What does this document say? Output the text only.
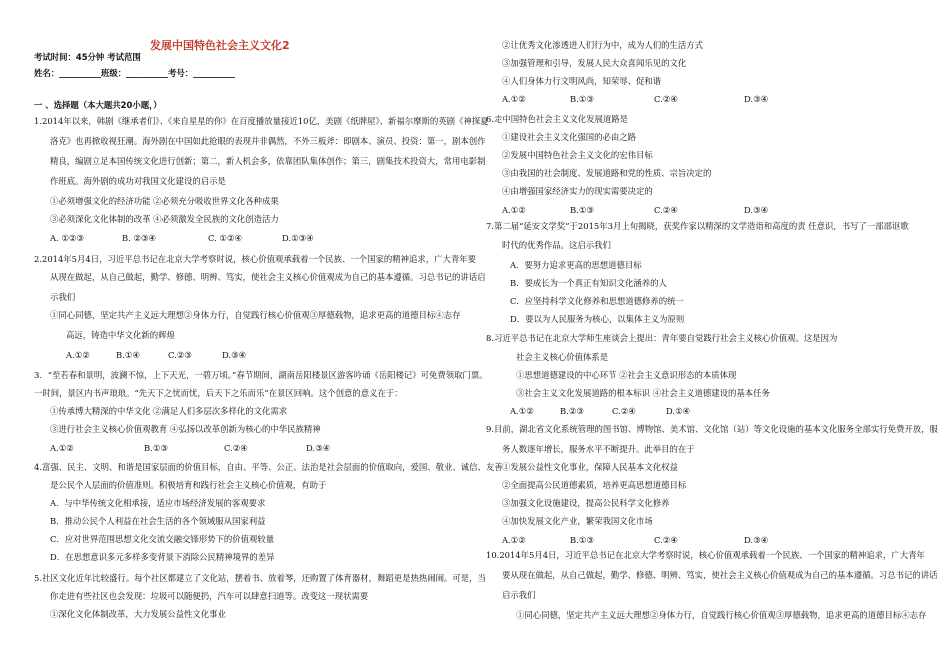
发展中国特色社会主义文化2
考试时间：45分钟 考试范围
姓名：__________班级：__________考号：__________
一 、选择题（本大题共20小题，）
1.2014年以来，韩剧《继承者们》、《来自星星的你》在百度播放量接近10亿，美剧《纸牌屋》、新福尔摩斯的英剧《神探夏
洛克》也再掀收视狂潮。海外剧在中国如此抢眼的表现并非偶然，不外三板斧：即剧本、演员、投资：第一，剧本创作
精良，编剧立足本国传统文化进行创新；第二，新人机会多，依靠团队集体创作；第三，剧集技术投资大，常用电影制
作班底。海外剧的成功对我国文化建设的启示是
①必须增强文化的经济功能 ②必须充分吸收世界文化各种成果
③必须深化文化体制的改革 ④必须激发全民族的文化创造活力
A. ①②③	B. ②③④	C. ①②④	D.①③④
2.2014年5月4日，习近平总书记在北京大学考察时说，核心价值观承载着一个民族、一个国家的精神追求，广大青年要
从现在做起，从自己做起，勤学、修德、明辨、笃实，使社会主义核心价值观成为自己的基本遵循。习总书记的讲话启
示我们
①同心同德，坚定共产主义远大理想②身体力行，自觉践行核心价值观③厚德载物，追求更高的道德目标④志存
高远，铸造中华文化新的辉煌
A.①②	B.①④	C.②③	D.③④
3．“至若春和景明，波澜不惊，上下天光，一碧万顷。”春节期间，湖南岳阳楼景区游客吟诵《岳阳楼记》可免费领取门票。
一时间，景区内书声琅琅。“先天下之忧而忧，后天下之乐而乐”在景区回响。这个创意的意义在于：
①传承博大精深的中华文化 ②满足人们多层次多样化的文化需求
③进行社会主义核心价值观教育 ④弘扬以改革创新为核心的中华民族精神
A.①②	B.①③	C.②④	D.③④
4.富强、民主、文明、和谐是国家层面的价值目标，自由、平等、公正、法治是社会层面的价值取向，爱国、敬业、诚信、友善
是公民个人层面的价值准则。积极培育和践行社会主义核心价值观，有助于
A．与中华传统文化相承接，适应市场经济发展的客观要求
B．推动公民个人利益在社会生活的各个领域服从国家利益
C．应对世界范围思想文化交流交融交锋形势下的价值观较量
D．在思想意识多元多样多变背景下消除公民精神境界的差异
5.社区文化近年比较盛行。每个社区都建立了文化站，摆着书、放着琴，还购置了体育器材，舞蹈更是热热闹闹。可是，当
你走进有些社区也会发现：垃圾可以随便扔，汽车可以肆意扫道等。改变这一现状需要
①深化文化体制改革，大力发展公益性文化事业
②让优秀文化渗透进人们行为中，成为人们的生活方式
③加强管理和引导，发展人民大众喜闻乐见的文化
④人们身体力行文明风尚，知荣辱、促和谐
A.①②	B.①③	C.②④	D.③④
6.走中国特色社会主义文化发展道路是
①建设社会主义文化强国的必由之路
②发展中国特色社会主义文化的宏伟目标
③由我国的社会制度、发展道路和党的性质、宗旨决定的
④由增强国家经济实力的现实需要决定的
A.①②	B.①③	C.②④	D.③④
7.第二届“延安文学奖”于2015年3月上旬揭晓，获奖作家以精深的文学造诣和高度的责 任意识，书写了一部部讴歌
时代的优秀作品。这启示我们
A．要努力追求更高的思想道德目标
B．要成长为一个真正有知识文化涵养的人
C．应坚持科学文化修养和思想道德修养的统一
D．要以为人民服务为核心，以集体主义为原则
8.习近平总书记在北京大学师生座谈会上提出：青年要自觉践行社会主义核心价值观。这是因为
社会主义核心价值体系是
①思想道德建设的中心环节 ②社会主义意识形态的本质体现
③社会主义文化发展道路的根本标识 ④社会主义道德建设的基本任务
A.①②	B.②③	C.②④	D.①④
9.目前，湖北省文化系统管理的图书馆、博物馆、美术馆、文化馆（站）等文化设施的基本文化服务全部实行免费开放，服
务人数逐年增长，服务水平不断提升。此举目的在于
①发展公益性文化事业，保障人民基本文化权益
②全面提高公民道德素质，培养更高思想道德目标
③加强文化设施建设，提高公民科学文化修养
④加快发展文化产业，繁荣我国文化市场
A.①②	B.①③	C.②④	D.③④
10.2014年5月4日，习近平总书记在北京大学考察时说，核心价值观承载着一个民族、一个国家的精神追求，广大青年
要从现在做起，从自己做起，勤学、修德、明辨、笃实，使社会主义核心价值观成为自己的基本遵循。习总书记的讲话
启示我们
①同心同德，坚定共产主义远大理想②身体力行，自觉践行核心价值观③厚德载物，追求更高的道德目标④志存
